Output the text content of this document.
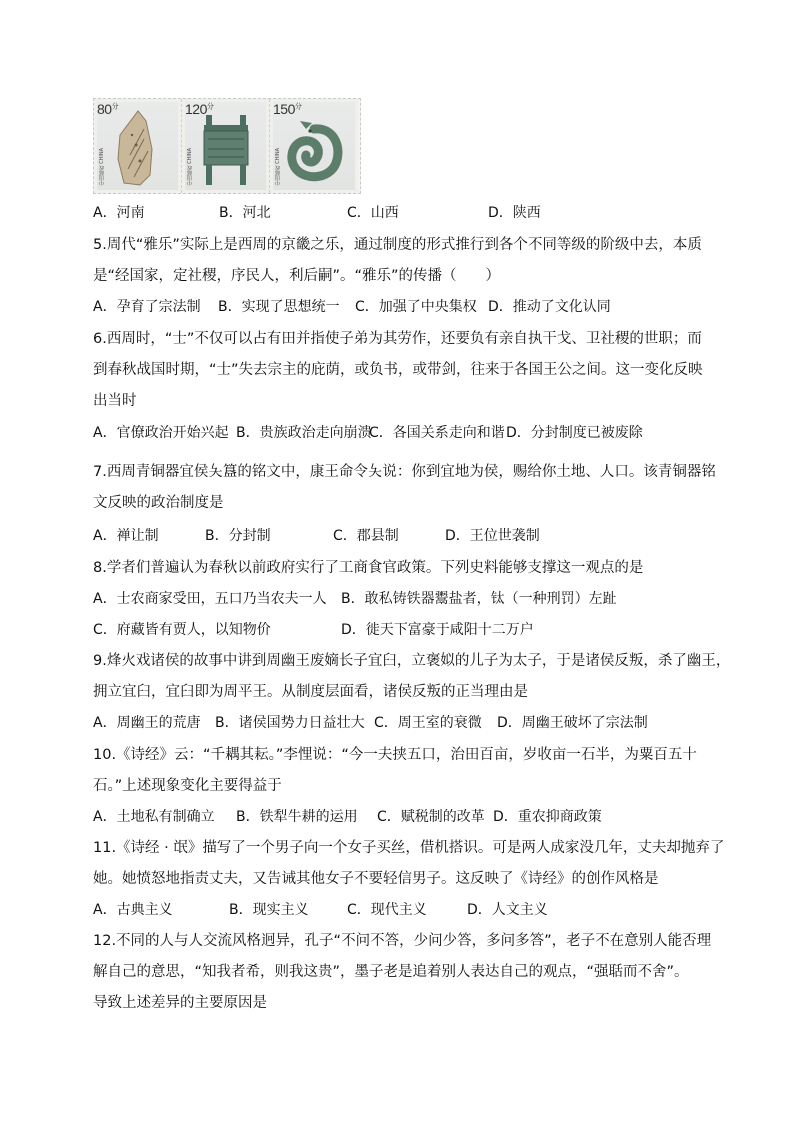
$80^分$
中国邮政 CHINA
$120^分$
中国邮政 CHINA
$150^分$
中国邮政 CHINA
A．河南	B．河北	C．山西	D．陕西
5.周代“雅乐”实际上是西周的京畿之乐，通过制度的形式推行到各个不同等级的阶级中去，本质
是“经国家，定社稷，序民人，利后嗣”。“雅乐”的传播（　　）
A．孕育了宗法制 B．实现了思想统一 C．加强了中央集权 D．推动了文化认同
6.西周时，“士”不仅可以占有田并指使子弟为其劳作，还要负有亲自执干戈、卫社稷的世职；而
到春秋战国时期，“士”失去宗主的庇荫，或负书，或带剑，往来于各国王公之间。这一变化反映
出当时
A．官僚政治开始兴起 B．贵族政治走向崩溃
C．各国关系走向和谐 D．分封制度已被废除
7.西周青铜器宜侯夨簋的铭文中，康王命令夨说：你到宜地为侯，赐给你土地、人口。该青铜器铭
文反映的政治制度是
A．禅让制	B．分封制	C．郡县制	D．王位世袭制
8.学者们普遍认为春秋以前政府实行了工商食官政策。下列史料能够支撑这一观点的是
A．士农商家受田，五口乃当农夫一人 B．敢私铸铁器鬻盐者，钛（一种刑罚）左趾
C．府藏皆有贾人，以知物价	D．徙天下富豪于咸阳十二万户
9.烽火戏诸侯的故事中讲到周幽王废嫡长子宜臼，立褒姒的儿子为太子，于是诸侯反叛，杀了幽王，
拥立宜臼，宜臼即为周平王。从制度层面看，诸侯反叛的正当理由是
A．周幽王的荒唐 B．诸侯国势力日益壮大 C．周王室的衰微 D．周幽王破坏了宗法制
10.《诗经》云：“千耦其耘。”李悝说：“今一夫挟五口，治田百亩，岁收亩一石半，为粟百五十
石。”上述现象变化主要得益于
A．土地私有制确立 B．铁犁牛耕的运用 C．赋税制的改革 D．重农抑商政策
11.《诗经 · 氓》描写了一个男子向一个女子买丝，借机搭识。可是两人成家没几年，丈夫却抛弃了
她。她愤怒地指责丈夫，又告诫其他女子不要轻信男子。这反映了《诗经》的创作风格是
A．古典主义	B．现实主义	C．现代主义	D．人文主义
12.不同的人与人交流风格迥异，孔子“不问不答，少问少答，多问多答”，老子不在意别人能否理
解自己的意思，“知我者希，则我这贵”，墨子老是追着别人表达自己的观点，“强聒而不舍”。
导致上述差异的主要原因是
